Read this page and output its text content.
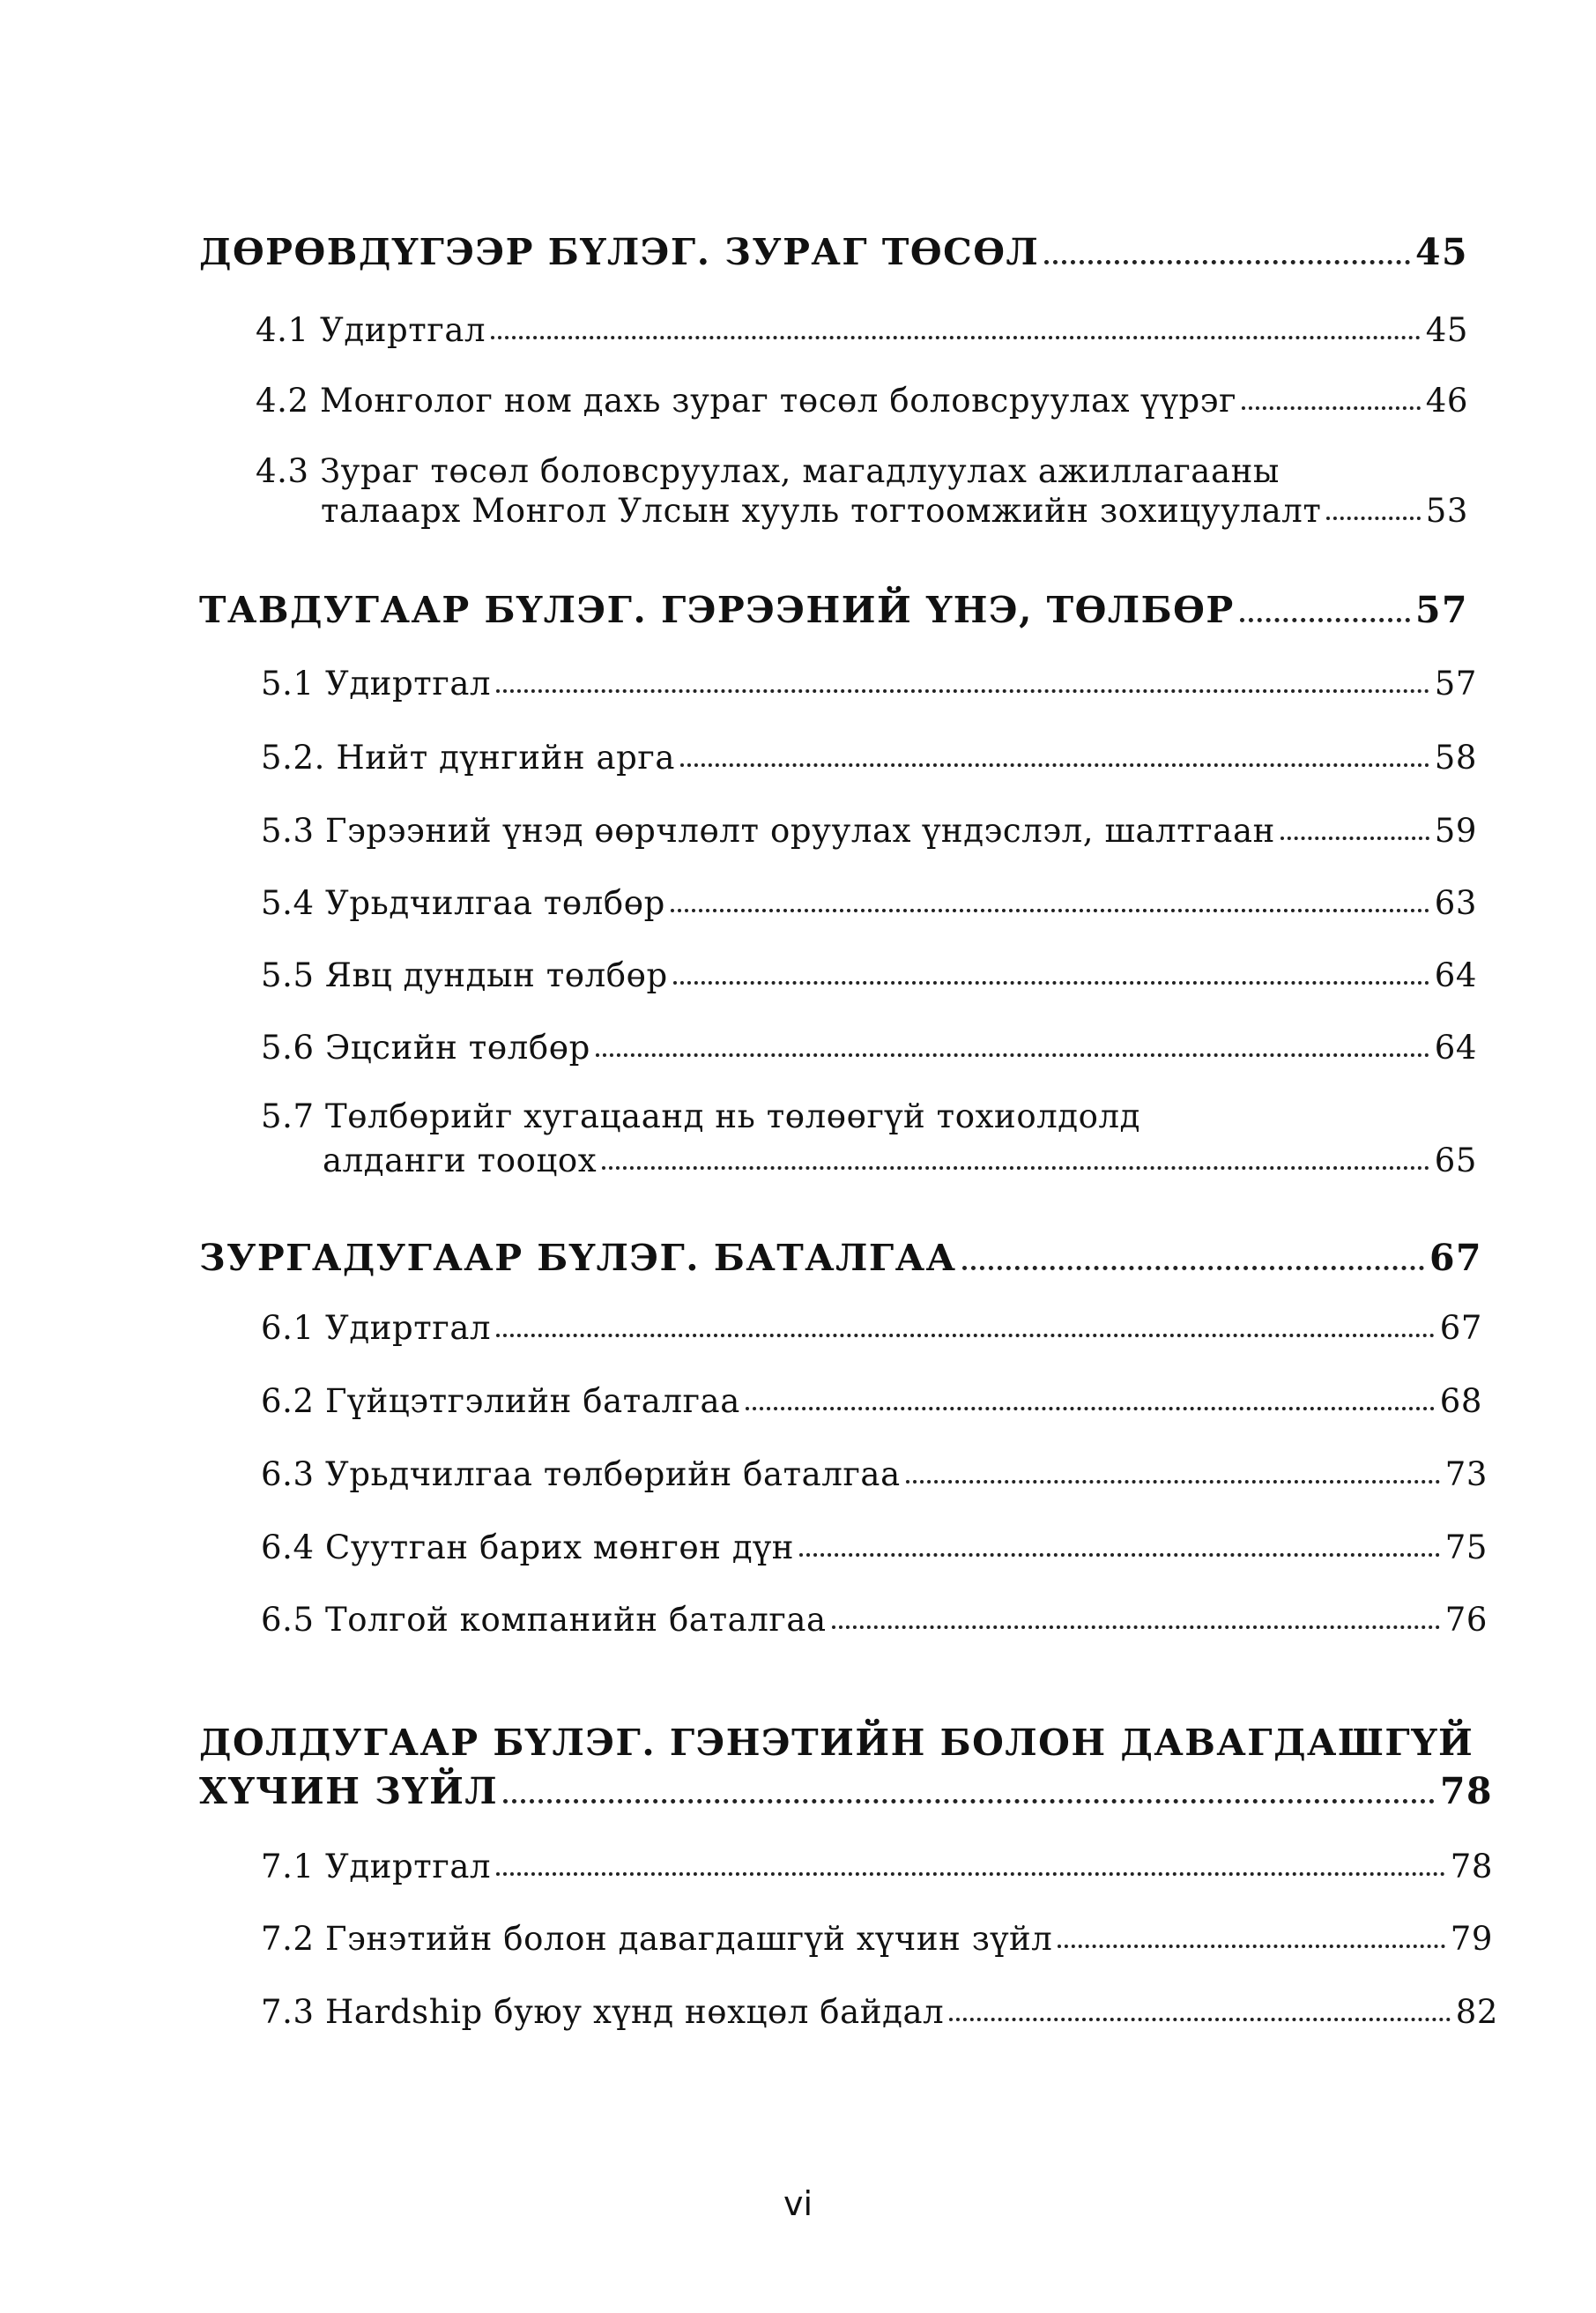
ДӨРӨВДҮГЭЭР БҮЛЭГ. ЗУРАГ ТӨСӨЛ	45
4.1 Удиртгал	45
4.2 Монголог ном дахь зураг төсөл боловсруулах үүрэг	46
4.3 Зураг төсөл боловсруулах, магадлуулах ажиллагааны
талаарх Монгол Улсын хууль тогтоомжийн зохицуулалт	53
ТАВДУГААР БҮЛЭГ. ГЭРЭЭНИЙ ҮНЭ, ТӨЛБӨР	57
5.1 Удиртгал	57
5.2. Нийт дүнгийн арга	58
5.3 Гэрээний үнэд өөрчлөлт оруулах үндэслэл, шалтгаан	59
5.4 Урьдчилгаа төлбөр	63
5.5 Явц дундын төлбөр	64
5.6 Эцсийн төлбөр	64
5.7 Төлбөрийг хугацаанд нь төлөөгүй тохиолдолд
алданги тооцох	65
ЗУРГАДУГААР БҮЛЭГ. БАТАЛГАА	67
6.1 Удиртгал	67
6.2 Гүйцэтгэлийн баталгаа	68
6.3 Урьдчилгаа төлбөрийн баталгаа	73
6.4 Суутган барих мөнгөн дүн	75
6.5 Толгой компанийн баталгаа	76
ДОЛДУГААР БҮЛЭГ. ГЭНЭТИЙН БОЛОН ДАВАГДАШГҮЙ
ХҮЧИН ЗҮЙЛ	78
7.1 Удиртгал	78
7.2 Гэнэтийн болон давагдашгүй хүчин зүйл	79
7.3 Hardship буюу хүнд нөхцөл байдал	82
vi
